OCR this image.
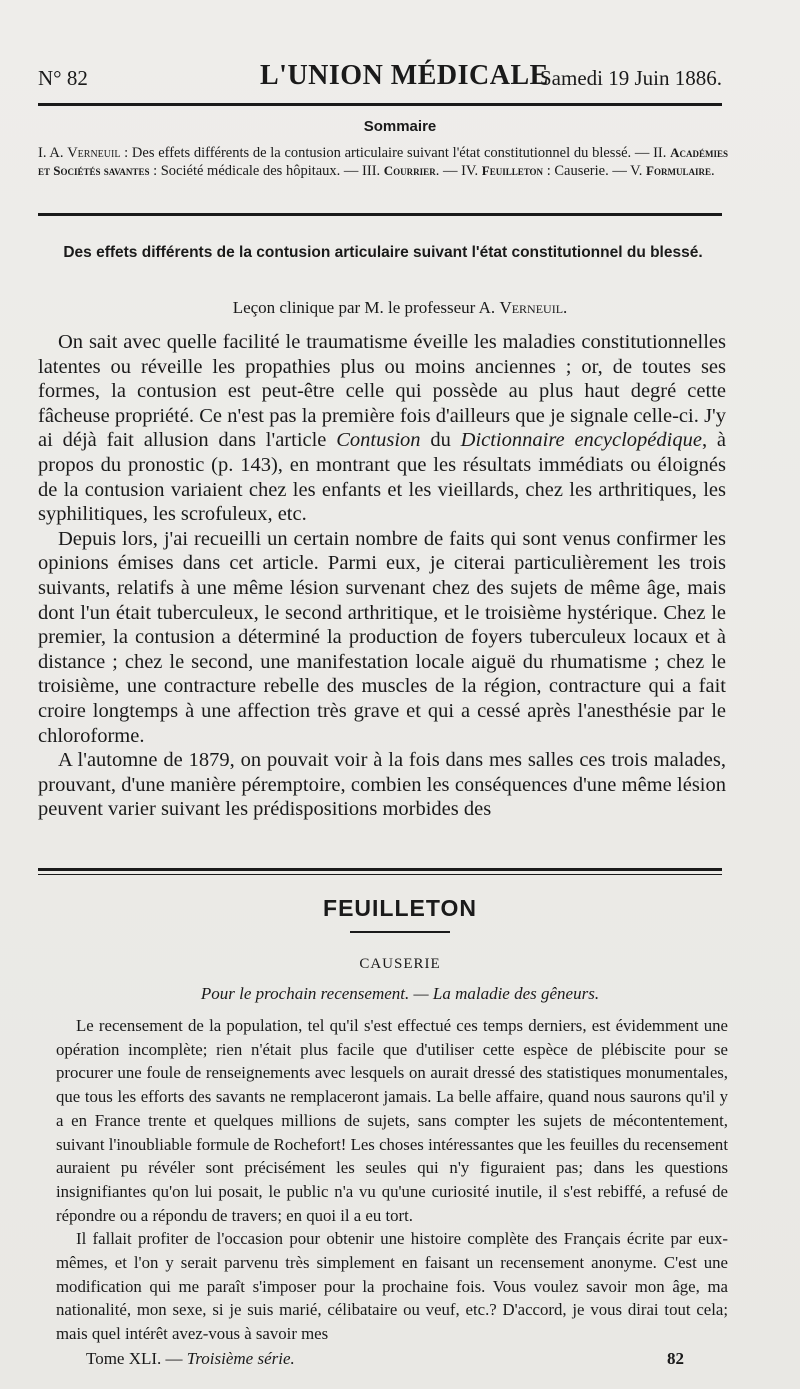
N° 82	L'UNION MÉDICALE
Samedi 19 Juin 1886.
Sommaire

I. A. Verneuil : Des effets différents de la contusion articulaire suivant l'état constitutionnel du blessé. — II. Académies et Sociétés savantes : Société médicale des hôpitaux. — III. Courrier. — IV. Feuilleton : Causerie. — V. Formulaire.

Des effets différents de la contusion articulaire suivant l'état constitutionnel du blessé.
Leçon clinique par M. le professeur A. Verneuil.

On sait avec quelle facilité le traumatisme éveille les maladies constitutionnelles latentes ou réveille les propathies plus ou moins anciennes ; or, de toutes ses formes, la contusion est peut-être celle qui possède au plus haut degré cette fâcheuse propriété. Ce n'est pas la première fois d'ailleurs que je signale celle-ci. J'y ai déjà fait allusion dans l'article Contusion du Dictionnaire encyclopédique, à propos du pronostic (p. 143), en montrant que les résultats immédiats ou éloignés de la contusion variaient chez les enfants et les vieillards, chez les arthritiques, les syphilitiques, les scrofuleux, etc.

Depuis lors, j'ai recueilli un certain nombre de faits qui sont venus confirmer les opinions émises dans cet article. Parmi eux, je citerai particulièrement les trois suivants, relatifs à une même lésion survenant chez des sujets de même âge, mais dont l'un était tuberculeux, le second arthritique, et le troisième hystérique. Chez le premier, la contusion a déterminé la production de foyers tuberculeux locaux et à distance ; chez le second, une manifestation locale aiguë du rhumatisme ; chez le troisième, une contracture rebelle des muscles de la région, contracture qui a fait croire longtemps à une affection très grave et qui a cessé après l'anesthésie par le chloroforme.

A l'automne de 1879, on pouvait voir à la fois dans mes salles ces trois malades, prouvant, d'une manière péremptoire, combien les conséquences d'une même lésion peuvent varier suivant les prédispositions morbides des

FEUILLETON
CAUSERIE
Pour le prochain recensement. — La maladie des gêneurs.

Le recensement de la population, tel qu'il s'est effectué ces temps derniers, est évidemment une opération incomplète; rien n'était plus facile que d'utiliser cette espèce de plébiscite pour se procurer une foule de renseignements avec lesquels on aurait dressé des statistiques monumentales, que tous les efforts des savants ne remplaceront jamais. La belle affaire, quand nous saurons qu'il y a en France trente et quelques millions de sujets, sans compter les sujets de mécontentement, suivant l'inoubliable formule de Rochefort! Les choses intéressantes que les feuilles du recensement auraient pu révéler sont précisément les seules qui n'y figuraient pas; dans les questions insignifiantes qu'on lui posait, le public n'a vu qu'une curiosité inutile, il s'est rebiffé, a refusé de répondre ou a répondu de travers; en quoi il a eu tort.

Il fallait profiter de l'occasion pour obtenir une histoire complète des Français écrite par eux-mêmes, et l'on y serait parvenu très simplement en faisant un recensement anonyme. C'est une modification qui me paraît s'imposer pour la prochaine fois. Vous voulez savoir mon âge, ma nationalité, mon sexe, si je suis marié, célibataire ou veuf, etc.? D'accord, je vous dirai tout cela; mais quel intérêt avez-vous à savoir mes

Tome XLI. — Troisième série.	82
